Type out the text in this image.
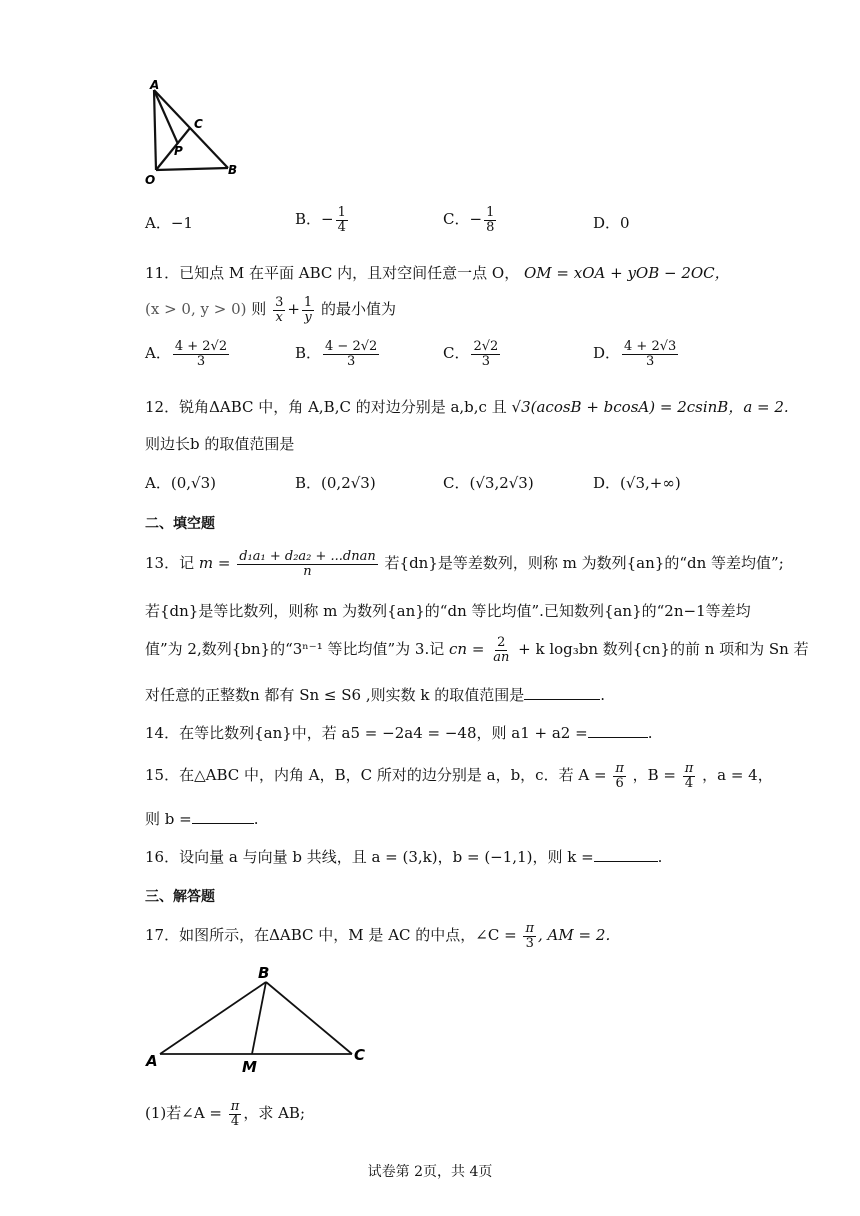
A
C
P
O
B
A．−1	B．− $\frac{1}{4}$	C．− $\frac{1}{8}$	D．0
11．已知点 M 在平面 ABC 内，且对空间任意一点 O， OM = xOA + yOB − 2OC，
(x > 0, y > 0) 则 $\frac{3}{x} + \frac{1}{y}$ 的最小值为
A． $\frac{4 + 2√2}{3}$	B． $\frac{4 - 2√2}{3}$	C． $\frac{2√2}{3}$	D． $\frac{4 + 2√3}{3}$
12．锐角ΔABC 中，角 A,B,C 的对边分别是 a,b,c 且 √3(acosB + bcosA) = 2csinB，a = 2.
则边长b 的取值范围是
A．(0,√3)	B．(0,2√3)	C．(√3,2√3)	D．(√3,+∞)
二、填空题
13．记 $m = \frac{\text{d₁a₁ + d₂a₂ + ...dnan}}{n}$ 若{dn}是等差数列，则称 m 为数列{an}的“dn 等差均值”;
若{dn}是等比数列，则称 m 为数列{an}的“dn 等比均值”.已知数列{an}的“2n−1等差均
值”为 2,数列{bn}的“3ⁿ⁻¹ 等比均值”为 3.记 cn = $\frac{2}{an} + k$ log₃bn 数列{cn}的前 n 项和为 Sn 若
对任意的正整数n 都有 Sn ≤ S6 ,则实数 k 的取值范围是	.
14．在等比数列{an}中，若 a5 = −2a4 = −48，则 a1 + a2 =	.
15．在△ABC 中，内角 A，B，C 所对的边分别是 a，b，c．若 $A = \frac{\pi}{6}$ ，$B = \frac{\pi}{4}$ ，a = 4，
则 b =	.
16．设向量 a 与向量 b 共线，且 a = (3,k)，b = (−1,1)，则 k =	.
三、解答题
17．如图所示，在ΔABC 中，M 是 AC 的中点，∠C = $\frac{\pi}{3}$ , AM = 2．
B
A	M
C
(1)若∠A = $\frac{\pi}{4}$ ，求 AB;
试卷第 2页，共 4页
